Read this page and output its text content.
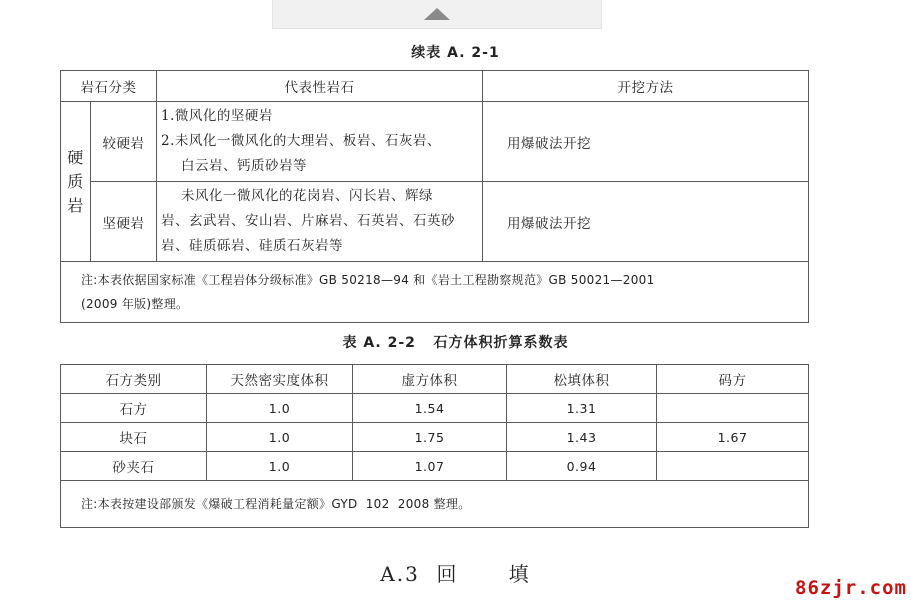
续表 A. 2-1
岩石分类		代表性岩石	开挖方法

硬质岩	较硬岩	1.微风化的坚硬岩
2.未风化一微风化的大理岩、板岩、石灰岩、
白云岩、钙质砂岩等	用爆破法开挖
	坚硬岩	未风化一微风化的花岗岩、闪长岩、辉绿
岩、玄武岩、安山岩、片麻岩、石英岩、石英砂
岩、硅质砾岩、硅质石灰岩等	用爆破法开挖

注:本表依据国家标准《工程岩体分级标准》GB 50218—94 和《岩土工程勘察规范》GB 50021—2001
(2009 年版)整理。			
表 A. 2-2   石方体积折算系数表
石方类别	天然密实度体积	虚方体积	松填体积	码方
石方	1.0	1.54	1.31	
块石	1.0	1.75	1.43	1.67
砂夹石	1.0	1.07	0.94	
注:本表按建设部颁发《爆破工程消耗量定额》GYD  102  2008 整理。				
A.3  回      填
86zjr.com
